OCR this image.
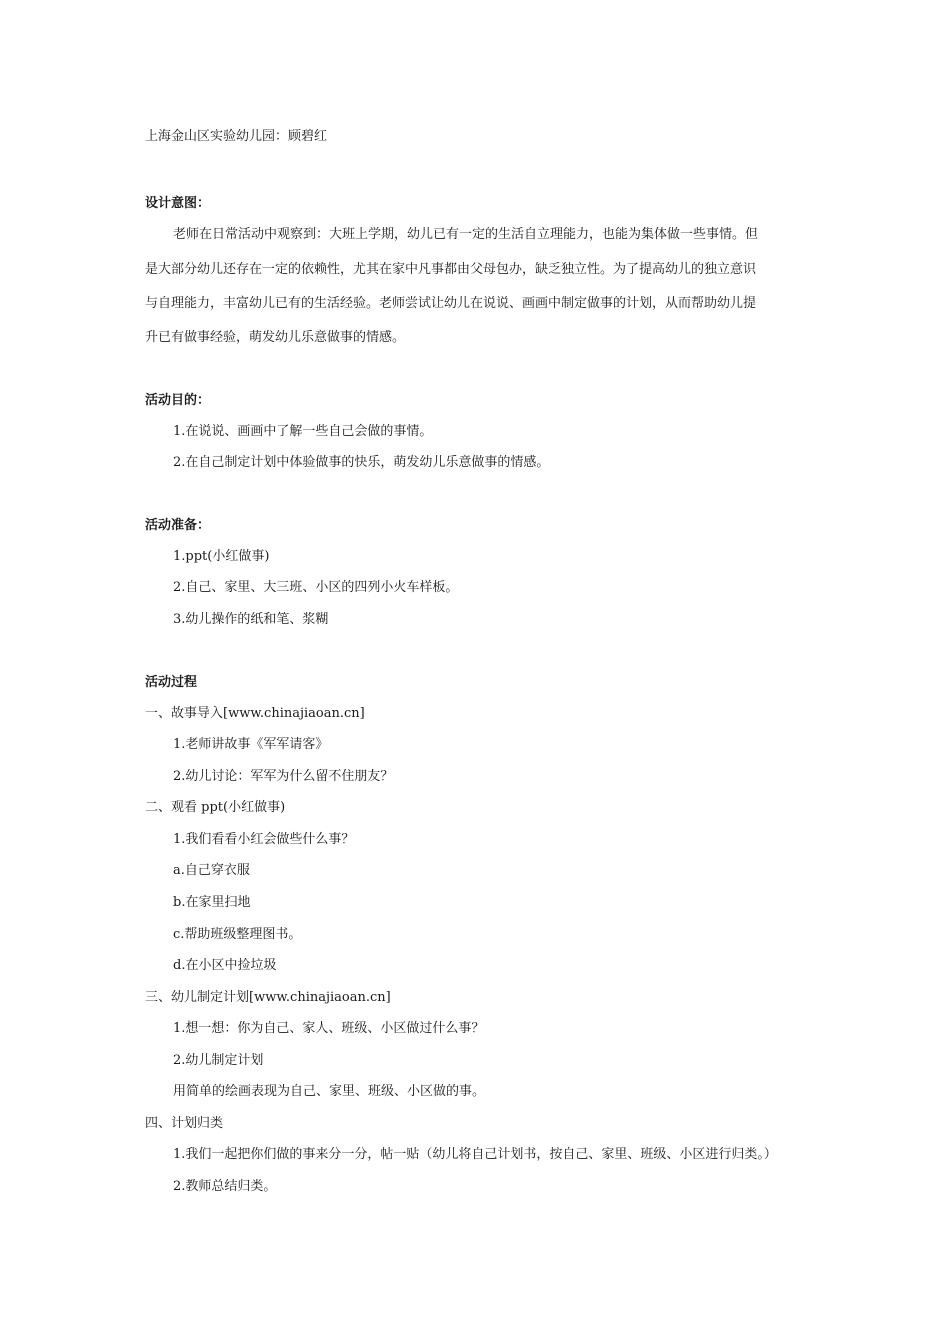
上海金山区实验幼儿园：顾碧红
设计意图：
老师在日常活动中观察到：大班上学期，幼儿已有一定的生活自立理能力，也能为集体做一些事情。但
是大部分幼儿还存在一定的依赖性，尤其在家中凡事都由父母包办，缺乏独立性。为了提高幼儿的独立意识
与自理能力，丰富幼儿已有的生活经验。老师尝试让幼儿在说说、画画中制定做事的计划，从而帮助幼儿提
升已有做事经验，萌发幼儿乐意做事的情感。
活动目的：
1.在说说、画画中了解一些自己会做的事情。
2.在自己制定计划中体验做事的快乐，萌发幼儿乐意做事的情感。
活动准备：
1.ppt(小红做事)
2.自己、家里、大三班、小区的四列小火车样板。
3.幼儿操作的纸和笔、浆糊
活动过程
一、故事导入[www.chinajiaoan.cn]
1.老师讲故事《军军请客》
2.幼儿讨论：军军为什么留不住朋友？
二、观看 ppt(小红做事)
1.我们看看小红会做些什么事？
a.自己穿衣服
b.在家里扫地
c.帮助班级整理图书。
d.在小区中捡垃圾
三、幼儿制定计划[www.chinajiaoan.cn]
1.想一想：你为自己、家人、班级、小区做过什么事？
2.幼儿制定计划
用简单的绘画表现为自己、家里、班级、小区做的事。
四、计划归类
1.我们一起把你们做的事来分一分，帖一贴（幼儿将自己计划书，按自己、家里、班级、小区进行归类。）
2.教师总结归类。
